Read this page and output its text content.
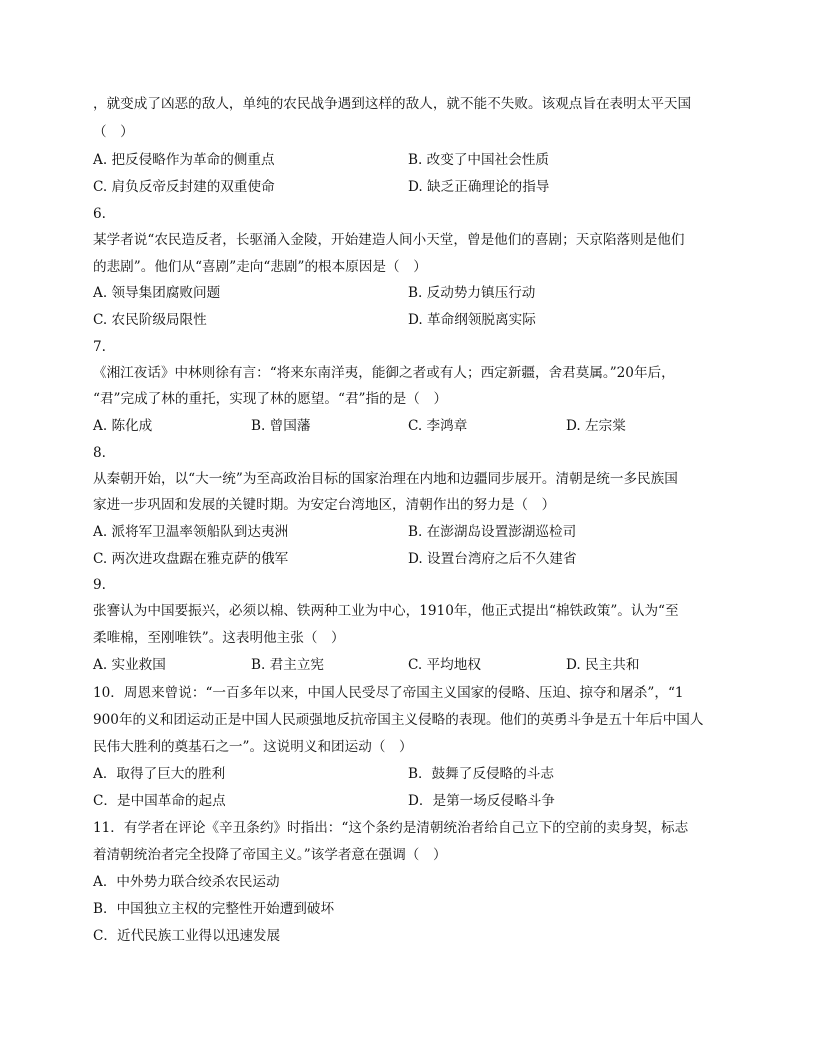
，就变成了凶恶的敌人，单纯的农民战争遇到这样的敌人，就不能不失败。该观点旨在表明太平天国
（　）
A. 把反侵略作为革命的侧重点	B. 改变了中国社会性质
C. 肩负反帝反封建的双重使命	D. 缺乏正确理论的指导
6.
某学者说“农民造反者，长驱涌入金陵，开始建造人间小天堂，曾是他们的喜剧；天京陷落则是他们
的悲剧”。他们从“喜剧”走向“悲剧”的根本原因是（　）
A. 领导集团腐败问题	B. 反动势力镇压行动
C. 农民阶级局限性	D. 革命纲领脱离实际
7.
《湘江夜话》中林则徐有言：“将来东南洋夷，能御之者或有人；西定新疆，舍君莫属。”20年后，
“君”完成了林的重托，实现了林的愿望。“君”指的是（　）
A. 陈化成	B. 曾国藩	C. 李鸿章	D. 左宗棠
8.
从秦朝开始，以“大一统”为至高政治目标的国家治理在内地和边疆同步展开。清朝是统一多民族国
家进一步巩固和发展的关键时期。为安定台湾地区，清朝作出的努力是（　）
A. 派将军卫温率领船队到达夷洲	B. 在澎湖岛设置澎湖巡检司
C. 两次进攻盘踞在雅克萨的俄军	D. 设置台湾府之后不久建省
9.
张謇认为中国要振兴，必须以棉、铁两种工业为中心，1910年，他正式提出“棉铁政策”。认为“至
柔唯棉，至刚唯铁”。这表明他主张（　）
A. 实业救国	B. 君主立宪	C. 平均地权	D. 民主共和
10．周恩来曾说：“一百多年以来，中国人民受尽了帝国主义国家的侵略、压迫、掠夺和屠杀”，“1
900年的义和团运动正是中国人民顽强地反抗帝国主义侵略的表现。他们的英勇斗争是五十年后中国人
民伟大胜利的奠基石之一”。这说明义和团运动（　）
A．取得了巨大的胜利	B．鼓舞了反侵略的斗志
C．是中国革命的起点	D．是第一场反侵略斗争
11．有学者在评论《辛丑条约》时指出：“这个条约是清朝统治者给自己立下的空前的卖身契，标志
着清朝统治者完全投降了帝国主义。”该学者意在强调（　）
A．中外势力联合绞杀农民运动
B．中国独立主权的完整性开始遭到破坏
C．近代民族工业得以迅速发展
